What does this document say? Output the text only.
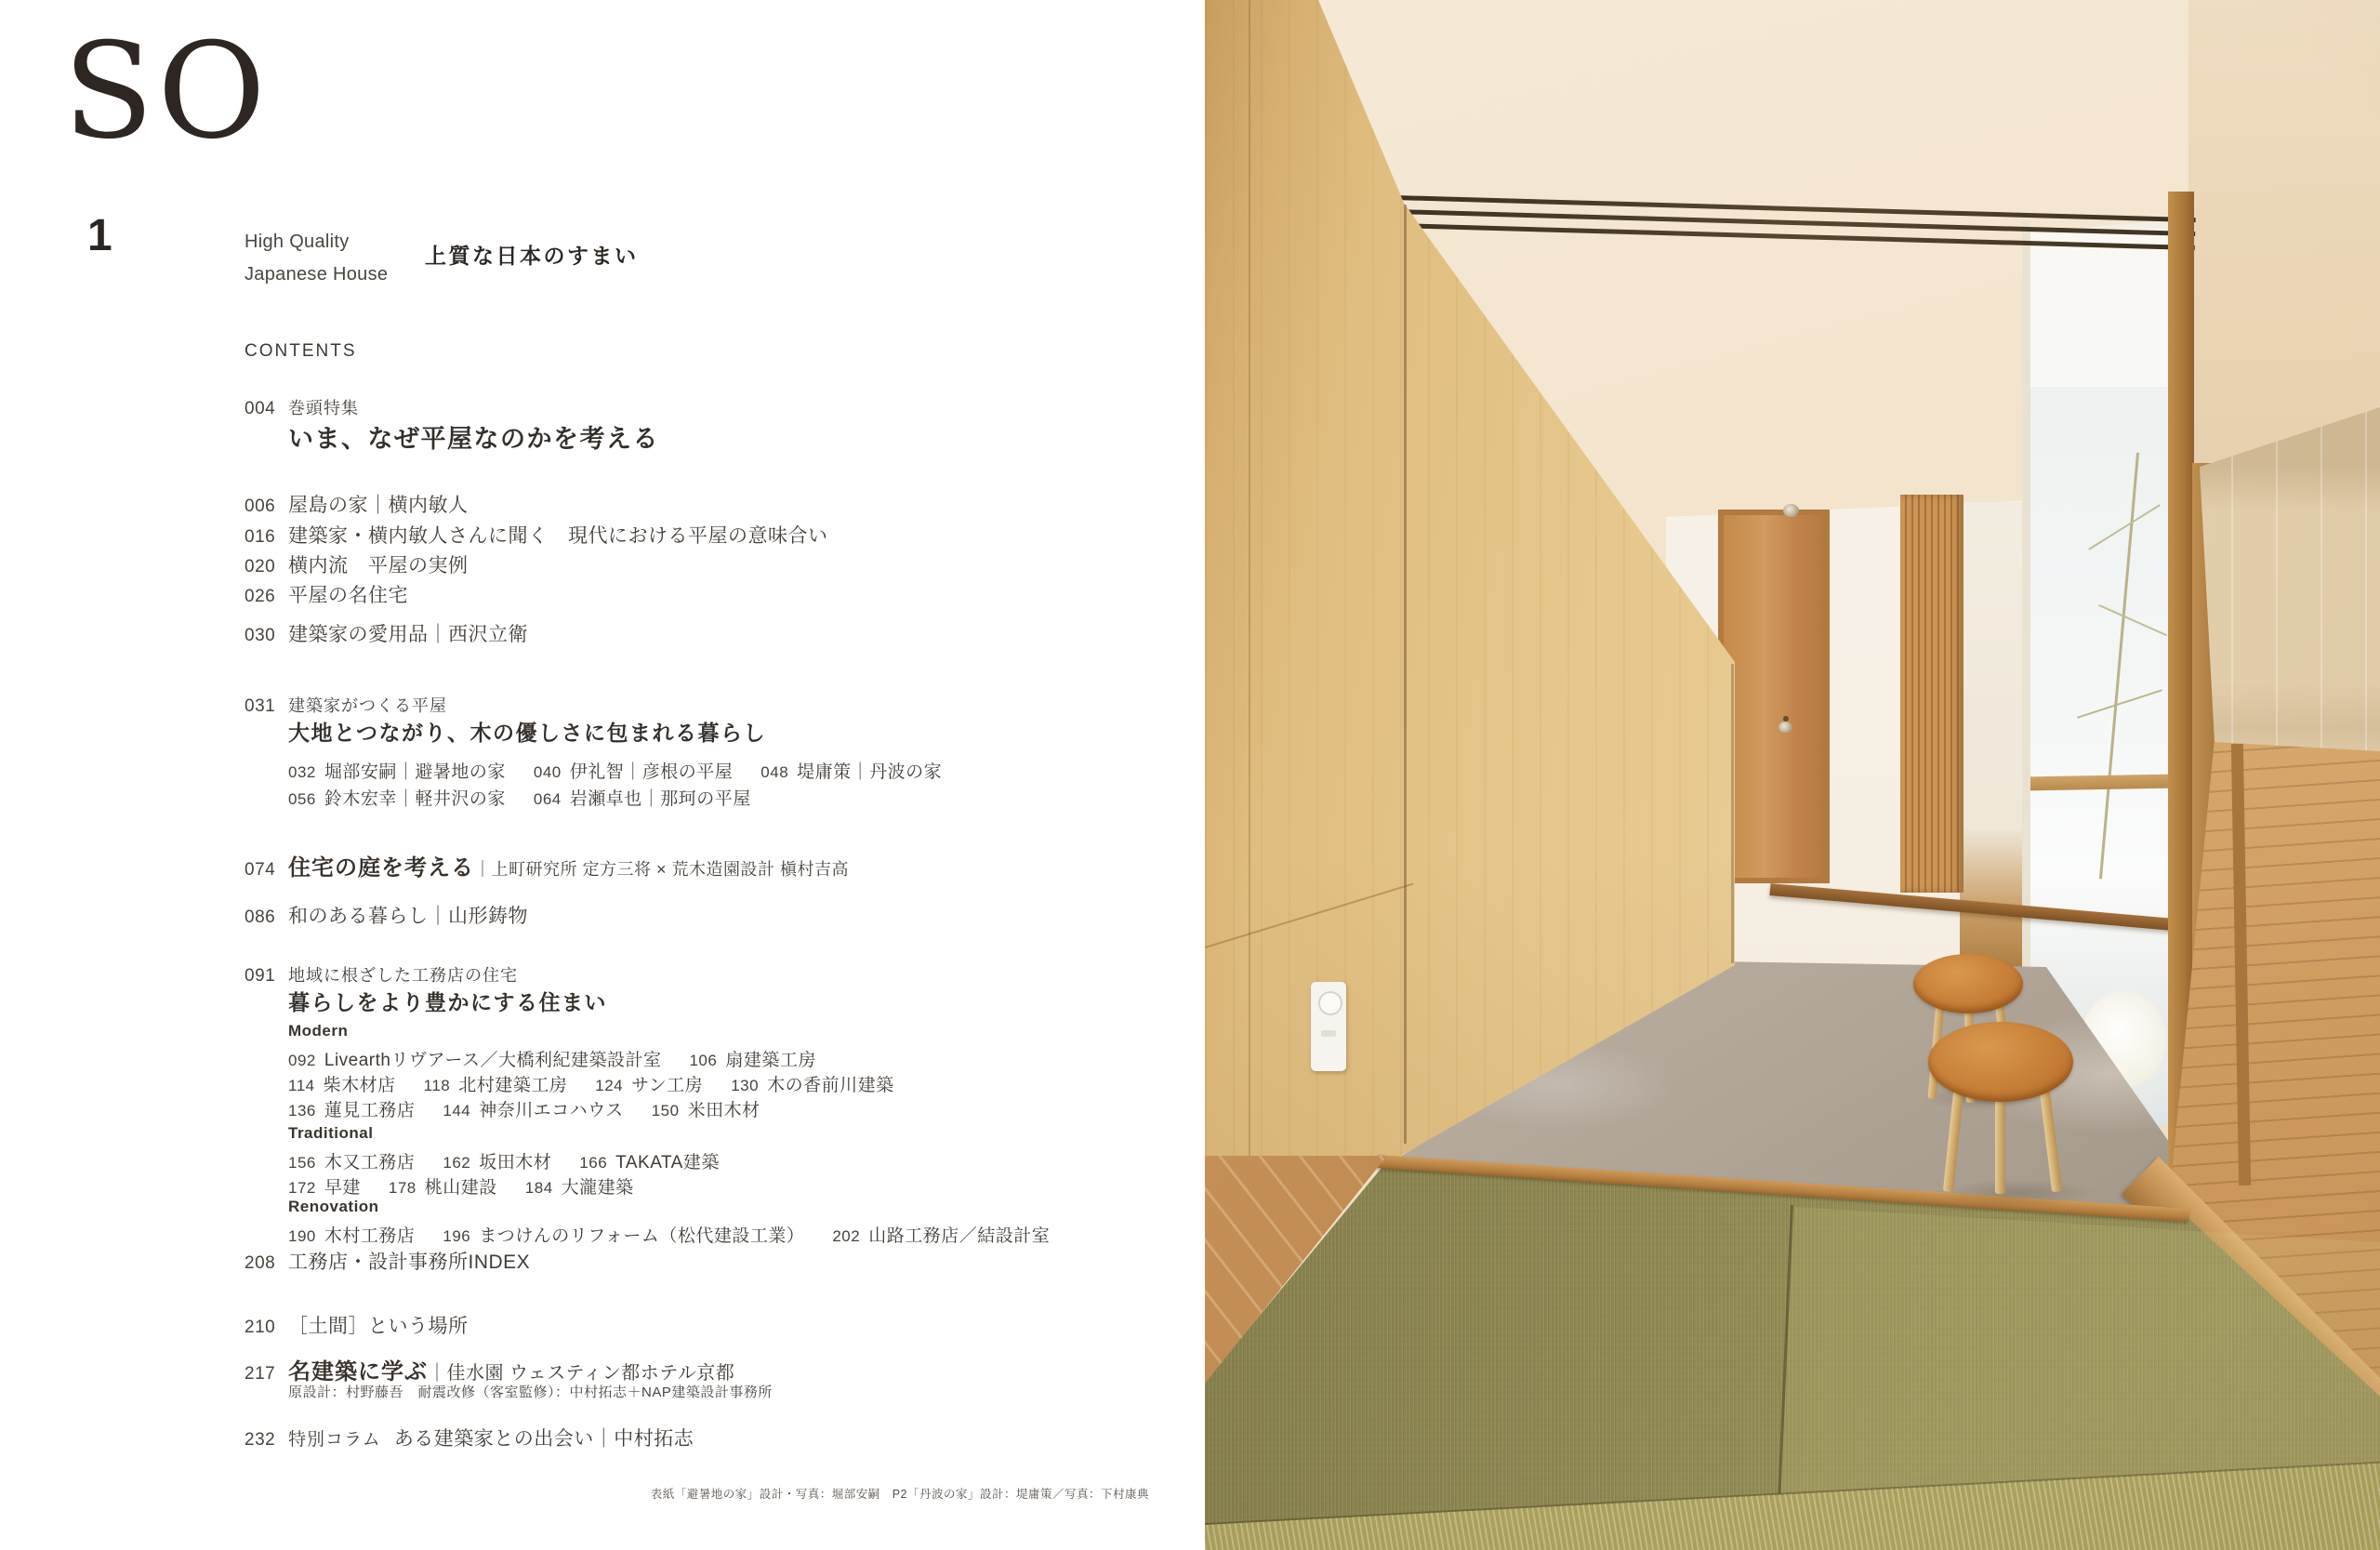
SO
1	High Quality
Japanese House
上質な日本のすまい
CONTENTS
004 巻頭特集
いま、なぜ平屋なのかを考える
006 屋島の家｜横内敏人
016 建築家・横内敏人さんに聞く　現代における平屋の意味合い
020 横内流　平屋の実例
026 平屋の名住宅
030 建築家の愛用品｜西沢立衛
031 建築家がつくる平屋
大地とつながり、木の優しさに包まれる暮らし
032 堀部安嗣｜避暑地の家 040 伊礼智｜彦根の平屋 048 堤庸策｜丹波の家
056 鈴木宏幸｜軽井沢の家 064 岩瀬卓也｜那珂の平屋
074 住宅の庭を考える ｜上町研究所 定方三将 × 荒木造園設計 槇村吉高
086 和のある暮らし｜山形鋳物
091 地域に根ざした工務店の住宅
暮らしをより豊かにする住まい
Modern
092 Livearthリヴアース／大橋利紀建築設計室 106 扇建築工房
114 柴木材店 118 北村建築工房 124 サン工房 130 木の香前川建築
136 蓮見工務店 144 神奈川エコハウス 150 米田木材
Traditional
156 木又工務店 162 坂田木材 166 TAKATA建築
172 早建 178 桃山建設 184 大瀧建築
Renovation
190 木村工務店 196 まつけんのリフォーム（松代建設工業） 202 山路工務店／結設計室
208 工務店・設計事務所INDEX
210 ［土間］という場所
217 名建築に学ぶ ｜佳水園 ウェスティン都ホテル京都
原設計：村野藤吾　耐震改修（客室監修）：中村拓志＋NAP建築設計事務所
232 特別コラム ある建築家との出会い｜中村拓志
表紙「避暑地の家」設計・写真：堀部安嗣　P2「丹波の家」設計：堤庸策／写真：下村康典
